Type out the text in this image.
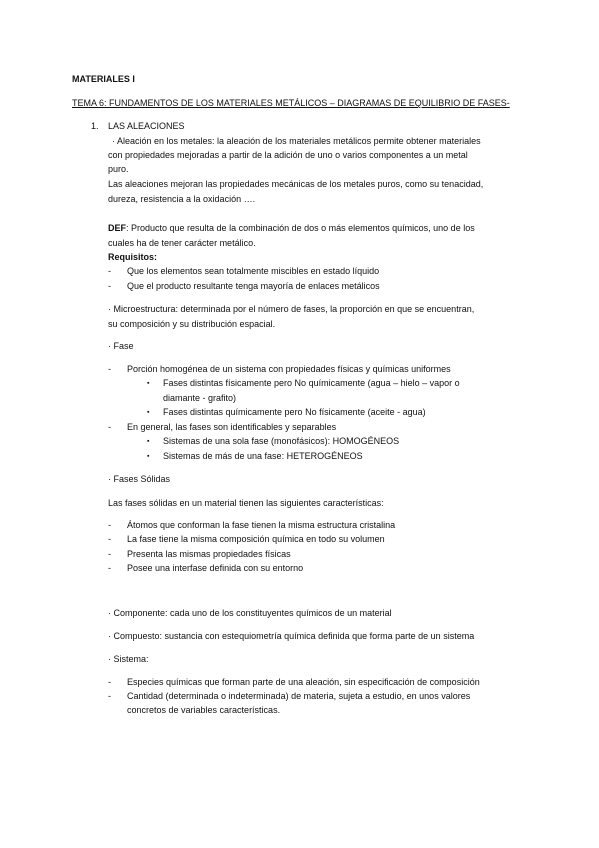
MATERIALES I
TEMA 6: FUNDAMENTOS DE LOS MATERIALES METÁLICOS – DIAGRAMAS DE EQUILIBRIO DE FASES-
1. LAS ALEACIONES
· Aleación en los metales: la aleación de los materiales metálicos permite obtener materiales
con propiedades mejoradas a partir de la adición de uno o varios componentes a un metal
puro.
Las aleaciones mejoran las propiedades mecánicas de los metales puros, como su tenacidad,
dureza, resistencia a la oxidación ….
DEF: Producto que resulta de la combinación de dos o más elementos químicos, uno de los
cuales ha de tener carácter metálico.
Requisitos:
- Que los elementos sean totalmente miscibles en estado líquido
- Que el producto resultante tenga mayoría de enlaces metálicos
· Microestructura: determinada por el número de fases, la proporción en que se encuentran,
su composición y su distribución espacial.
· Fase
- Porción homogénea de un sistema con propiedades físicas y químicas uniformes
▪ Fases distintas físicamente pero No químicamente (agua – hielo – vapor o
diamante - grafito)
▪ Fases distintas químicamente pero No físicamente (aceite - agua)
- En general, las fases son identificables y separables
▪ Sistemas de una sola fase (monofásicos): HOMOGÉNEOS
▪ Sistemas de más de una fase: HETEROGÉNEOS
· Fases Sólidas
Las fases sólidas en un material tienen las siguientes características:
- Átomos que conforman la fase tienen la misma estructura cristalina
- La fase tiene la misma composición química en todo su volumen
- Presenta las mismas propiedades físicas
- Posee una interfase definida con su entorno
· Componente: cada uno de los constituyentes químicos de un material
· Compuesto: sustancia con estequiometría química definida que forma parte de un sistema
· Sistema:
- Especies químicas que forman parte de una aleación, sin especificación de composición
- Cantidad (determinada o indeterminada) de materia, sujeta a estudio, en unos valores
concretos de variables características.
